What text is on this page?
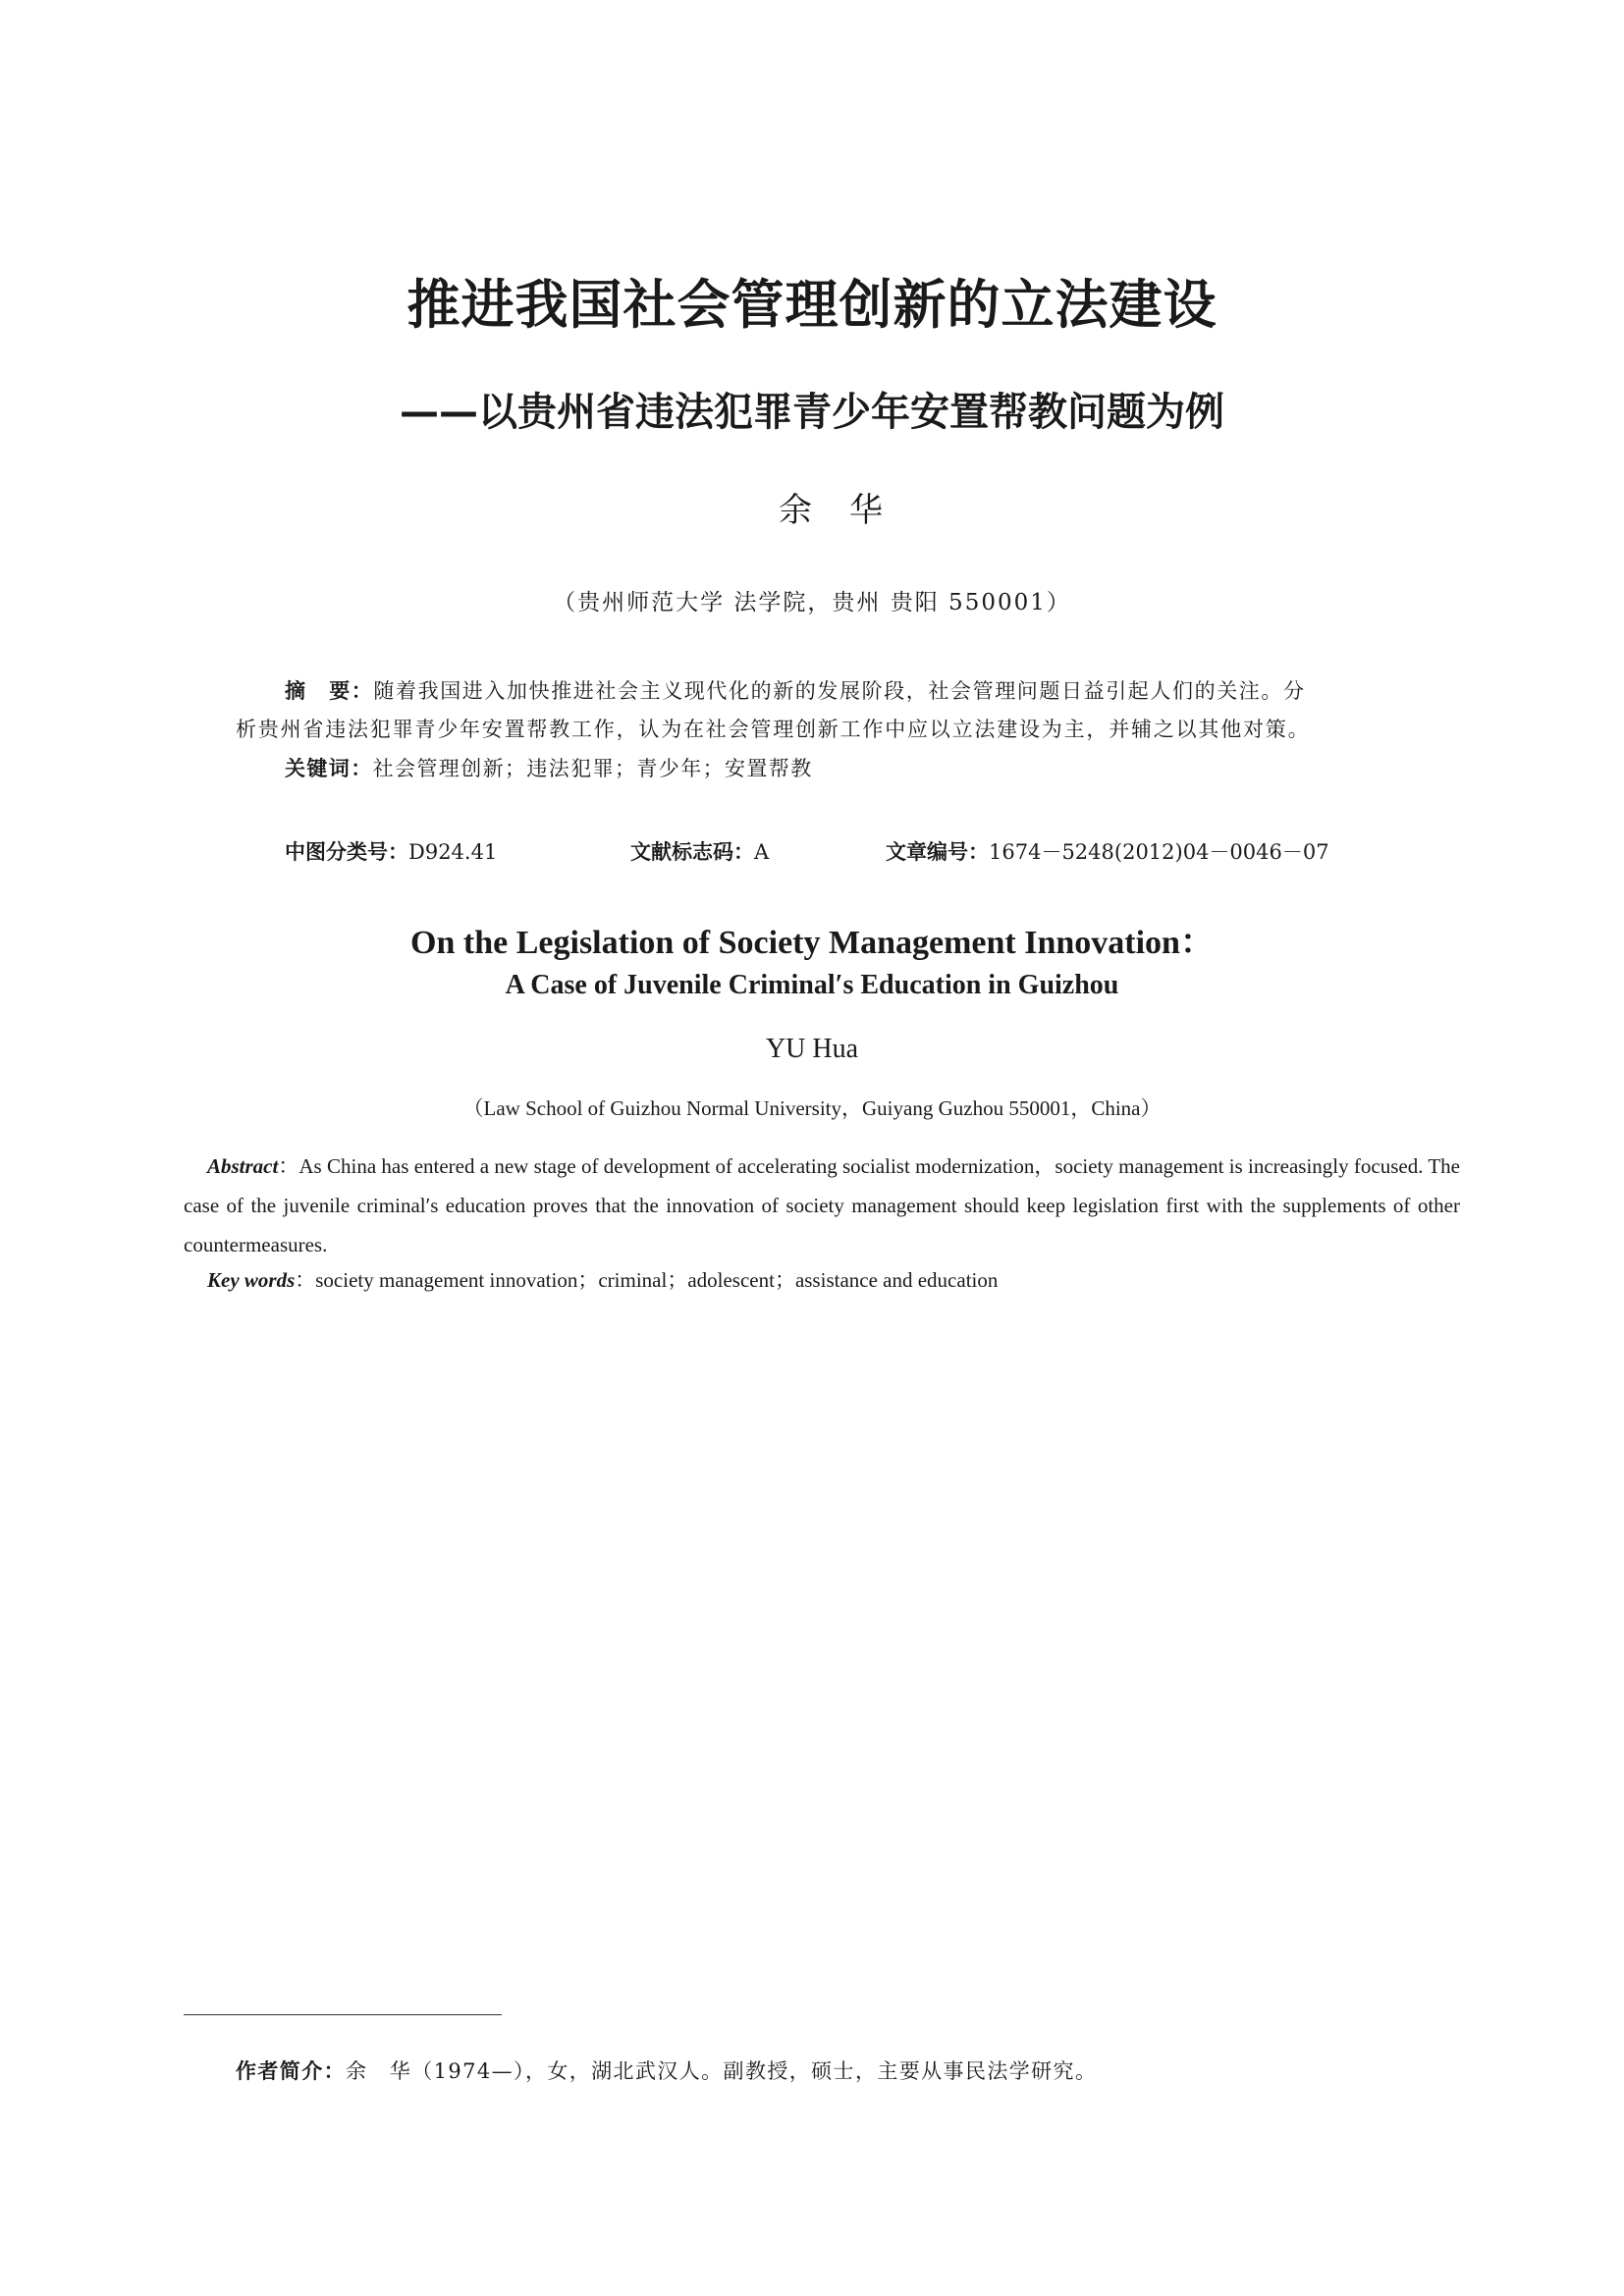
推进我国社会管理创新的立法建设
——以贵州省违法犯罪青少年安置帮教问题为例
余华
（贵州师范大学 法学院，贵州 贵阳 550001）
摘　要：随着我国进入加快推进社会主义现代化的新的发展阶段，社会管理问题日益引起人们的关注。分
析贵州省违法犯罪青少年安置帮教工作，认为在社会管理创新工作中应以立法建设为主，并辅之以其他对策。
关键词：社会管理创新；违法犯罪；青少年；安置帮教
中图分类号：D924.41	文献标志码：A	文章编号：1674－5248(2012)04－0046－07
On the Legislation of Society Management Innovation：
A Case of Juvenile Criminal′s Education in Guizhou
YU Hua
（Law School of Guizhou Normal University，Guiyang Guzhou 550001，China）
Abstract：As China has entered a new stage of development of accelerating socialist modernization，society management is increasingly focused. The case of the juvenile criminal′s education proves that the innovation of society management should keep legislation first with the supplements of other countermeasures.
Key words：society management innovation；criminal；adolescent；assistance and education
作者简介：余　华（1974—），女，湖北武汉人。副教授，硕士，主要从事民法学研究。
